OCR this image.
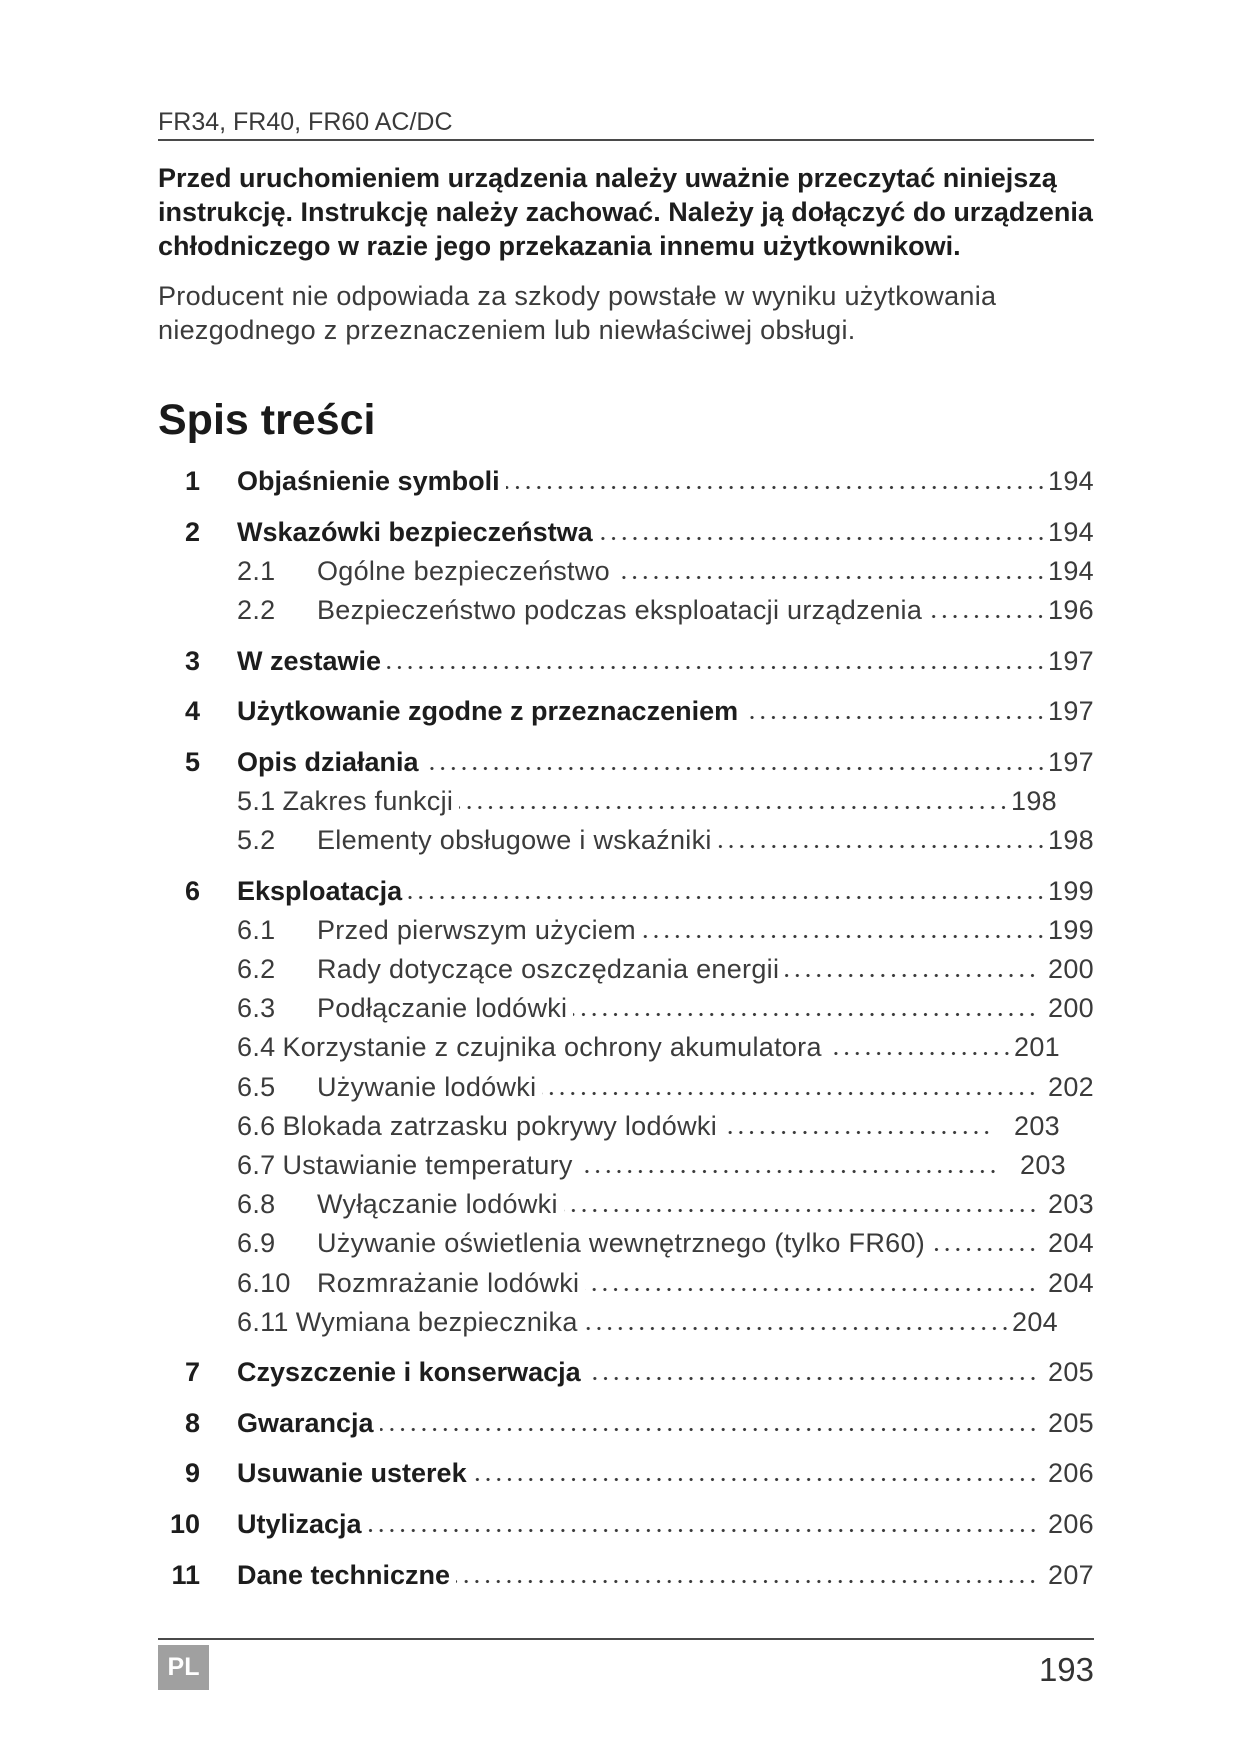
FR34, FR40, FR60 AC/DC
Przed uruchomieniem urządzenia należy uważnie przeczytać niniejszą
instrukcję. Instrukcję należy zachować. Należy ją dołączyć do urządzenia
chłodniczego w razie jego przekazania innemu użytkownikowi.
Producent nie odpowiada za szkody powstałe w wyniku użytkowania
niezgodnego z przeznaczeniem lub niewłaściwej obsługi.
Spis treści
1 Objaśnienie symboli	194
2 Wskazówki bezpieczeństwa	194
2.1	Ogólne bezpieczeństwo	194
2.2	Bezpieczeństwo podczas eksploatacji urządzenia	196
3 W zestawie	197
4 Użytkowanie zgodne z przeznaczeniem	197
5 Opis działania	197
5.1 Zakres funkcji	198
5.2	Elementy obsługowe i wskaźniki	198
6 Eksploatacja	199
6.1	Przed pierwszym użyciem	199
6.2	Rady dotyczące oszczędzania energii	200
6.3	Podłączanie lodówki	200
6.4 Korzystanie z czujnika ochrony akumulatora	201
6.5	Używanie lodówki	202
6.6 Blokada zatrzasku pokrywy lodówki	203
6.7 Ustawianie temperatury	203
6.8	Wyłączanie lodówki	203
6.9	Używanie oświetlenia wewnętrznego (tylko FR60)	204
6.10 Rozmrażanie lodówki	204
6.11 Wymiana bezpiecznika	204
7 Czyszczenie i konserwacja	205
8 Gwarancja	205
9 Usuwanie usterek	206
10 Utylizacja	206
11 Dane techniczne	207
PL	193
